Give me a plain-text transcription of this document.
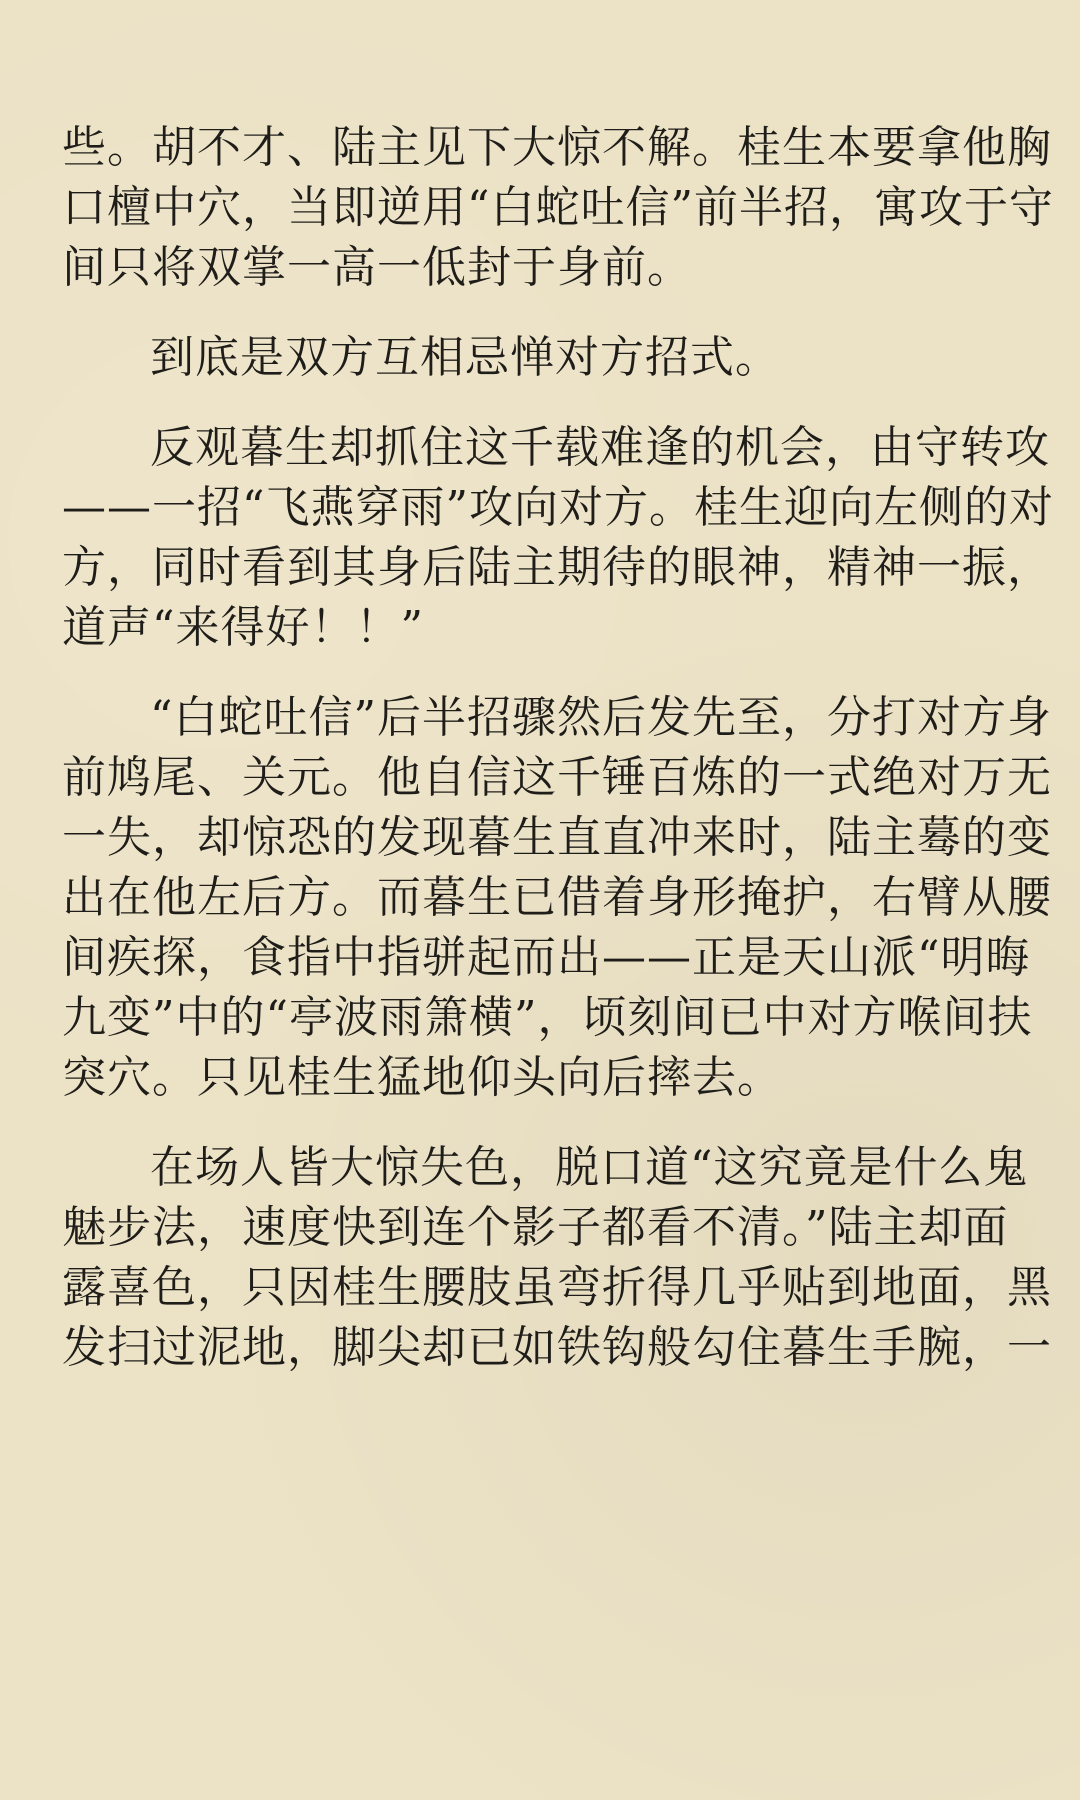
些。胡不才、陆主见下大惊不解。桂生本要拿他胸
口檀中穴，当即逆用“白蛇吐信”前半招，寓攻于守
间只将双掌一高一低封于身前。
到底是双方互相忌惮对方招式。
反观暮生却抓住这千载难逢的机会，由守转攻
——一招“飞燕穿雨”攻向对方。桂生迎向左侧的对
方，同时看到其身后陆主期待的眼神，精神一振，
道声“来得好！！”
“白蛇吐信”后半招骤然后发先至，分打对方身
前鸠尾、关元。他自信这千锤百炼的一式绝对万无
一失，却惊恐的发现暮生直直冲来时，陆主蓦的变
出在他左后方。而暮生已借着身形掩护，右臂从腰
间疾探，食指中指骈起而出——正是天山派“明晦
九变”中的“亭波雨箫横”，顷刻间已中对方喉间扶
突穴。只见桂生猛地仰头向后摔去。
在场人皆大惊失色，脱口道“这究竟是什么鬼
魅步法，速度快到连个影子都看不清。”陆主却面
露喜色，只因桂生腰肢虽弯折得几乎贴到地面，黑
发扫过泥地，脚尖却已如铁钩般勾住暮生手腕，一
